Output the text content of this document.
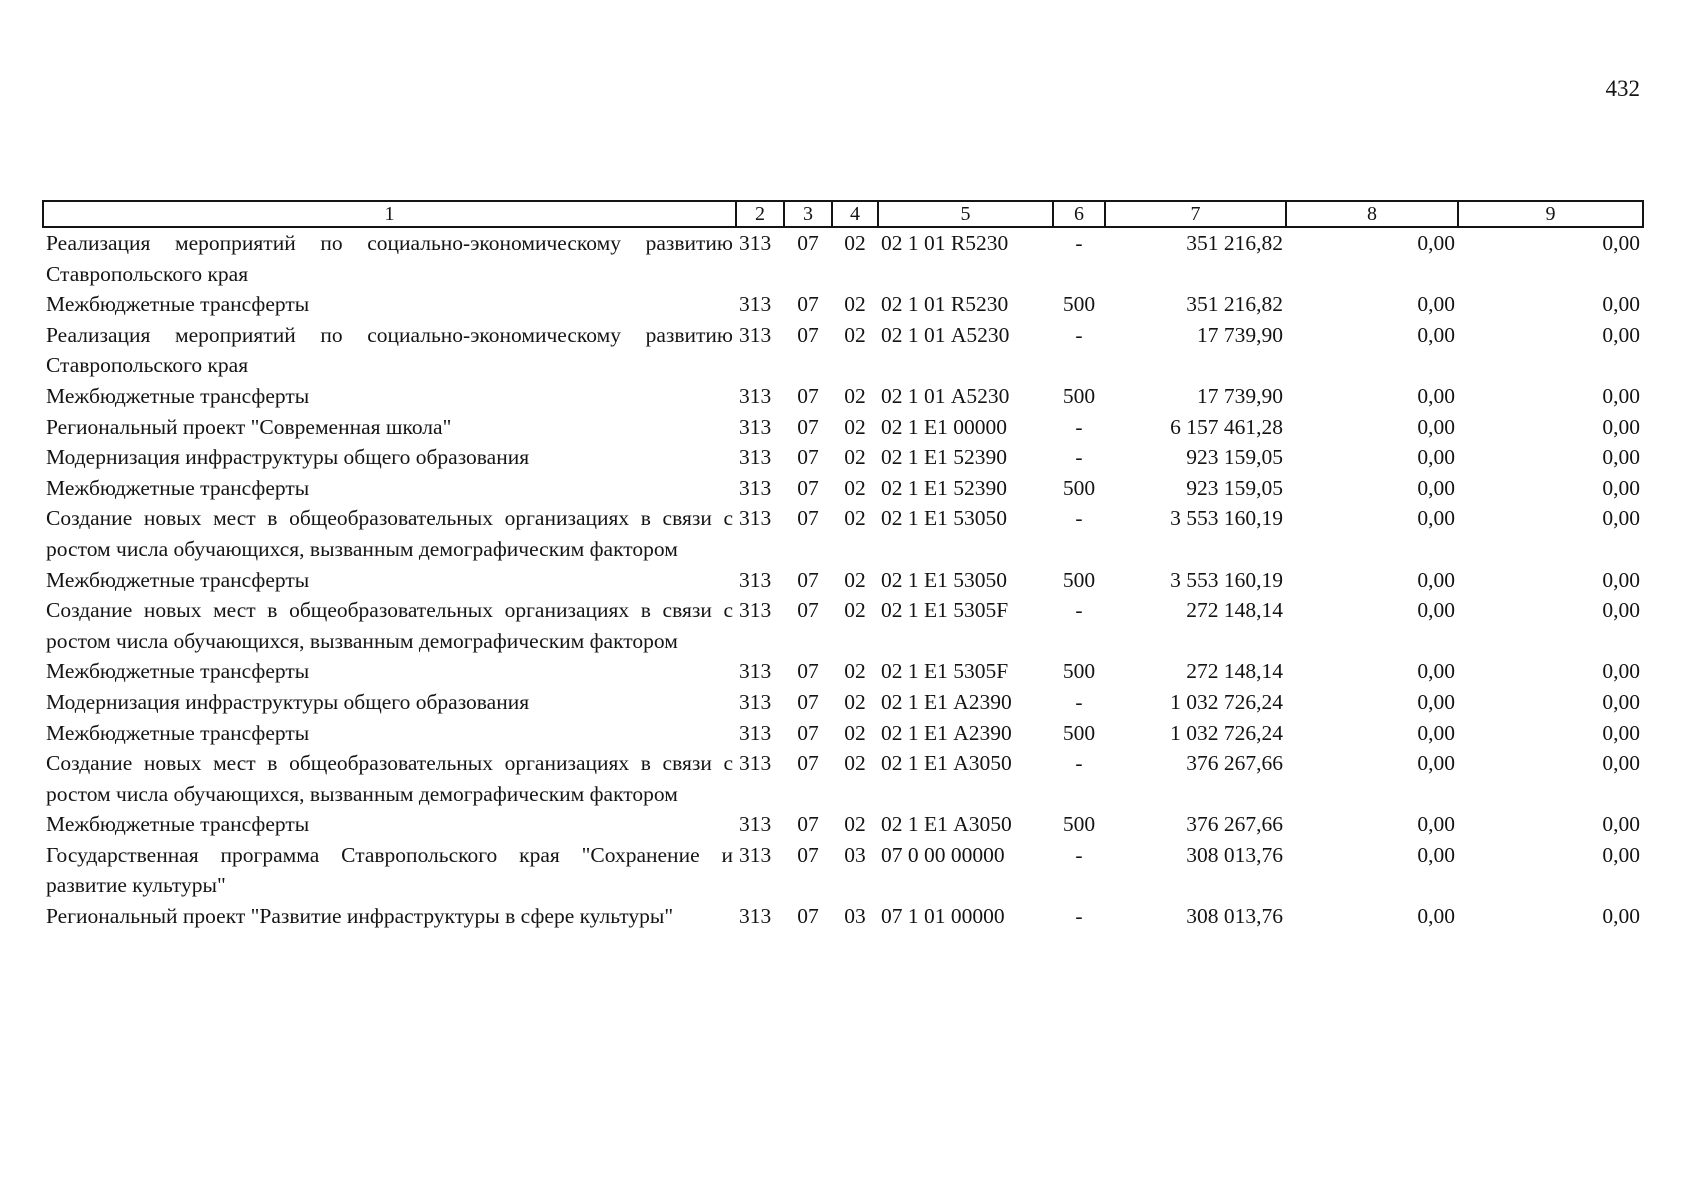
432
1	2	3	4	5	6	7	8	9
Реализация мероприятий по социально-экономическому развитию Ставропольского края	313	07	02	02 1 01 R5230	-	351 216,82	0,00	0,00
Межбюджетные трансферты	313	07	02	02 1 01 R5230	500	351 216,82	0,00	0,00
Реализация мероприятий по социально-экономическому развитию Ставропольского края	313	07	02	02 1 01 А5230	-	17 739,90	0,00	0,00
Межбюджетные трансферты	313	07	02	02 1 01 А5230	500	17 739,90	0,00	0,00
Региональный проект "Современная школа"	313	07	02	02 1 E1 00000	-	6 157 461,28	0,00	0,00
Модернизация инфраструктуры общего образования	313	07	02	02 1 E1 52390	-	923 159,05	0,00	0,00
Межбюджетные трансферты	313	07	02	02 1 E1 52390	500	923 159,05	0,00	0,00
Создание новых мест в общеобразовательных организациях в связи с ростом числа обучающихся, вызванным демографическим фактором	313	07	02	02 1 E1 53050	-	3 553 160,19	0,00	0,00
Межбюджетные трансферты	313	07	02	02 1 E1 53050	500	3 553 160,19	0,00	0,00
Создание новых мест в общеобразовательных организациях в связи с ростом числа обучающихся, вызванным демографическим фактором	313	07	02	02 1 E1 5305F	-	272 148,14	0,00	0,00
Межбюджетные трансферты	313	07	02	02 1 E1 5305F	500	272 148,14	0,00	0,00
Модернизация инфраструктуры общего образования	313	07	02	02 1 E1 А2390	-	1 032 726,24	0,00	0,00
Межбюджетные трансферты	313	07	02	02 1 E1 А2390	500	1 032 726,24	0,00	0,00
Создание новых мест в общеобразовательных организациях в связи с ростом числа обучающихся, вызванным демографическим фактором	313	07	02	02 1 E1 А3050	-	376 267,66	0,00	0,00
Межбюджетные трансферты	313	07	02	02 1 E1 А3050	500	376 267,66	0,00	0,00
Государственная программа Ставропольского края "Сохранение и развитие культуры"	313	07	03	07 0 00 00000	-	308 013,76	0,00	0,00
Региональный проект "Развитие инфраструктуры в сфере культуры"	313	07	03	07 1 01 00000	-	308 013,76	0,00	0,00
